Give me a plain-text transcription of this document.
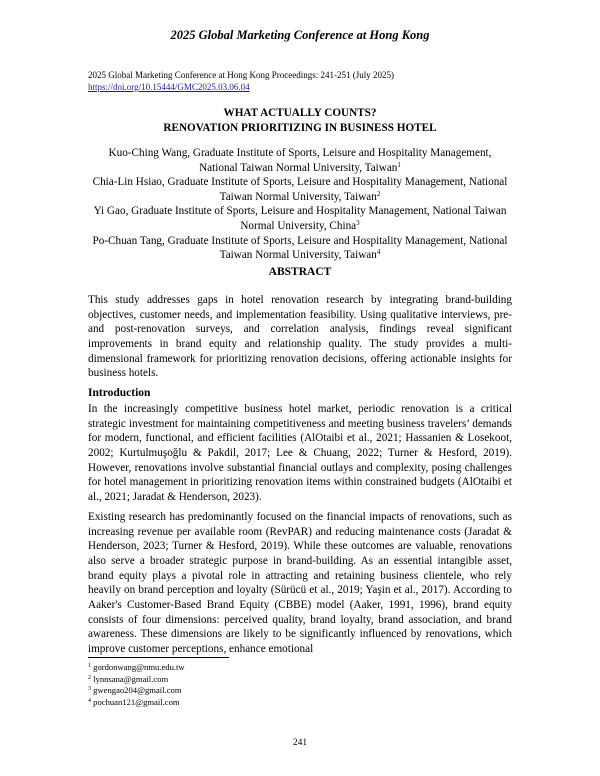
2025 Global Marketing Conference at Hong Kong
2025 Global Marketing Conference at Hong Kong Proceedings: 241-251 (July 2025)
https://doi.org/10.15444/GMC2025.03.06.04
WHAT ACTUALLY COUNTS?
RENOVATION PRIORITIZING IN BUSINESS HOTEL
Kuo-Ching Wang, Graduate Institute of Sports, Leisure and Hospitality Management, National Taiwan Normal University, Taiwan$^1$
Chia-Lin Hsiao, Graduate Institute of Sports, Leisure and Hospitality Management, National Taiwan Normal University, Taiwan$^2$
Yi Gao, Graduate Institute of Sports, Leisure and Hospitality Management, National Taiwan Normal University, China$^3$
Po-Chuan Tang, Graduate Institute of Sports, Leisure and Hospitality Management, National Taiwan Normal University, Taiwan$^4$
ABSTRACT
This study addresses gaps in hotel renovation research by integrating brand-building objectives, customer needs, and implementation feasibility. Using qualitative interviews, pre- and post-renovation surveys, and correlation analysis, findings reveal significant improvements in brand equity and relationship quality. The study provides a multi-dimensional framework for prioritizing renovation decisions, offering actionable insights for business hotels.
Introduction
In the increasingly competitive business hotel market, periodic renovation is a critical strategic investment for maintaining competitiveness and meeting business travelers’ demands for modern, functional, and efficient facilities (AlOtaibi et al., 2021; Hassanien & Losekoot, 2002; Kurtulmuşoğlu & Pakdil, 2017; Lee & Chuang, 2022; Turner & Hesford, 2019). However, renovations involve substantial financial outlays and complexity, posing challenges for hotel management in prioritizing renovation items within constrained budgets (AlOtaibi et al., 2021; Jaradat & Henderson, 2023).
Existing research has predominantly focused on the financial impacts of renovations, such as increasing revenue per available room (RevPAR) and reducing maintenance costs (Jaradat & Henderson, 2023; Turner & Hesford, 2019). While these outcomes are valuable, renovations also serve a broader strategic purpose in brand-building. As an essential intangible asset, brand equity plays a pivotal role in attracting and retaining business clientele, who rely heavily on brand perception and loyalty (Sürücü et al., 2019; Yaşin et al., 2017). According to Aaker's Customer-Based Brand Equity (CBBE) model (Aaker, 1991, 1996), brand equity consists of four dimensions: perceived quality, brand loyalty, brand association, and brand awareness. These dimensions are likely to be significantly influenced by renovations, which improve customer perceptions, enhance emotional
$^1$ gordonwang@ntnu.edu.tw
$^2$ lynnsana@gmail.com
$^3$ gwengao204@gmail.com
$^4$ pochuan121@gmail.com
241
